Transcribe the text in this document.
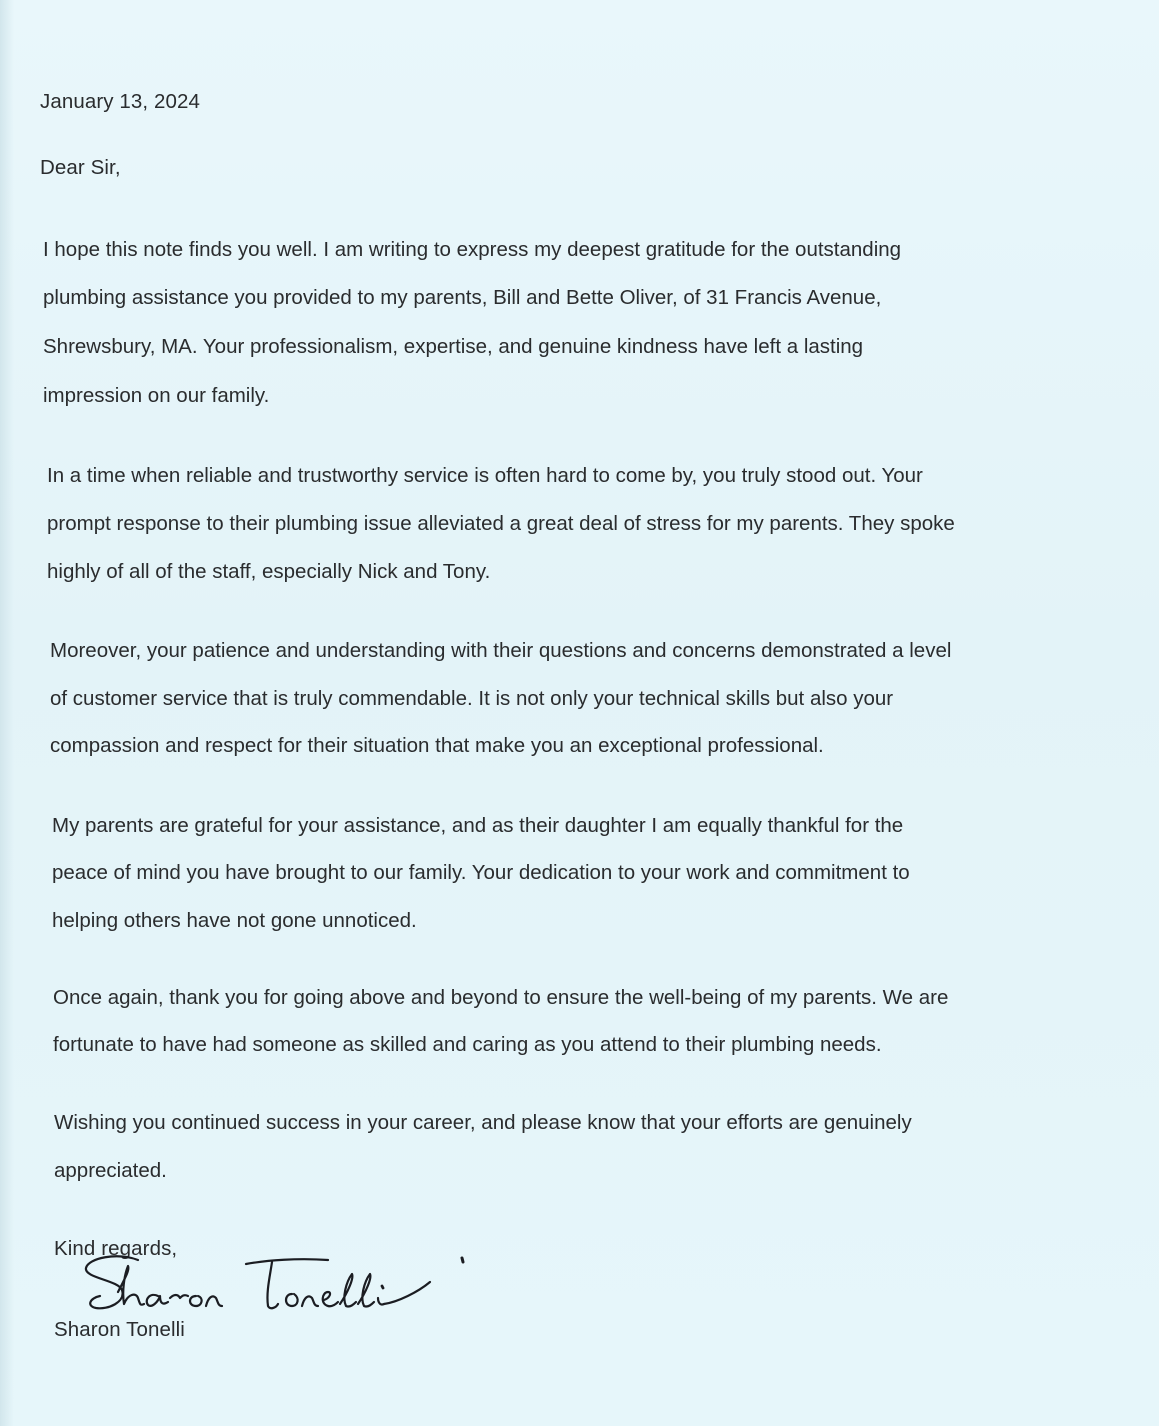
January 13, 2024
Dear Sir,
I hope this note finds you well. I am writing to express my deepest gratitude for the outstanding
plumbing assistance you provided to my parents, Bill and Bette Oliver, of 31 Francis Avenue,
Shrewsbury, MA. Your professionalism, expertise, and genuine kindness have left a lasting
impression on our family.
In a time when reliable and trustworthy service is often hard to come by, you truly stood out. Your
prompt response to their plumbing issue alleviated a great deal of stress for my parents. They spoke
highly of all of the staff, especially Nick and Tony.
Moreover, your patience and understanding with their questions and concerns demonstrated a level
of customer service that is truly commendable. It is not only your technical skills but also your
compassion and respect for their situation that make you an exceptional professional.
My parents are grateful for your assistance, and as their daughter I am equally thankful for the
peace of mind you have brought to our family. Your dedication to your work and commitment to
helping others have not gone unnoticed.
Once again, thank you for going above and beyond to ensure the well-being of my parents. We are
fortunate to have had someone as skilled and caring as you attend to their plumbing needs.
Wishing you continued success in your career, and please know that your efforts are genuinely
appreciated.
Kind regards,
Sharon Tonelli
